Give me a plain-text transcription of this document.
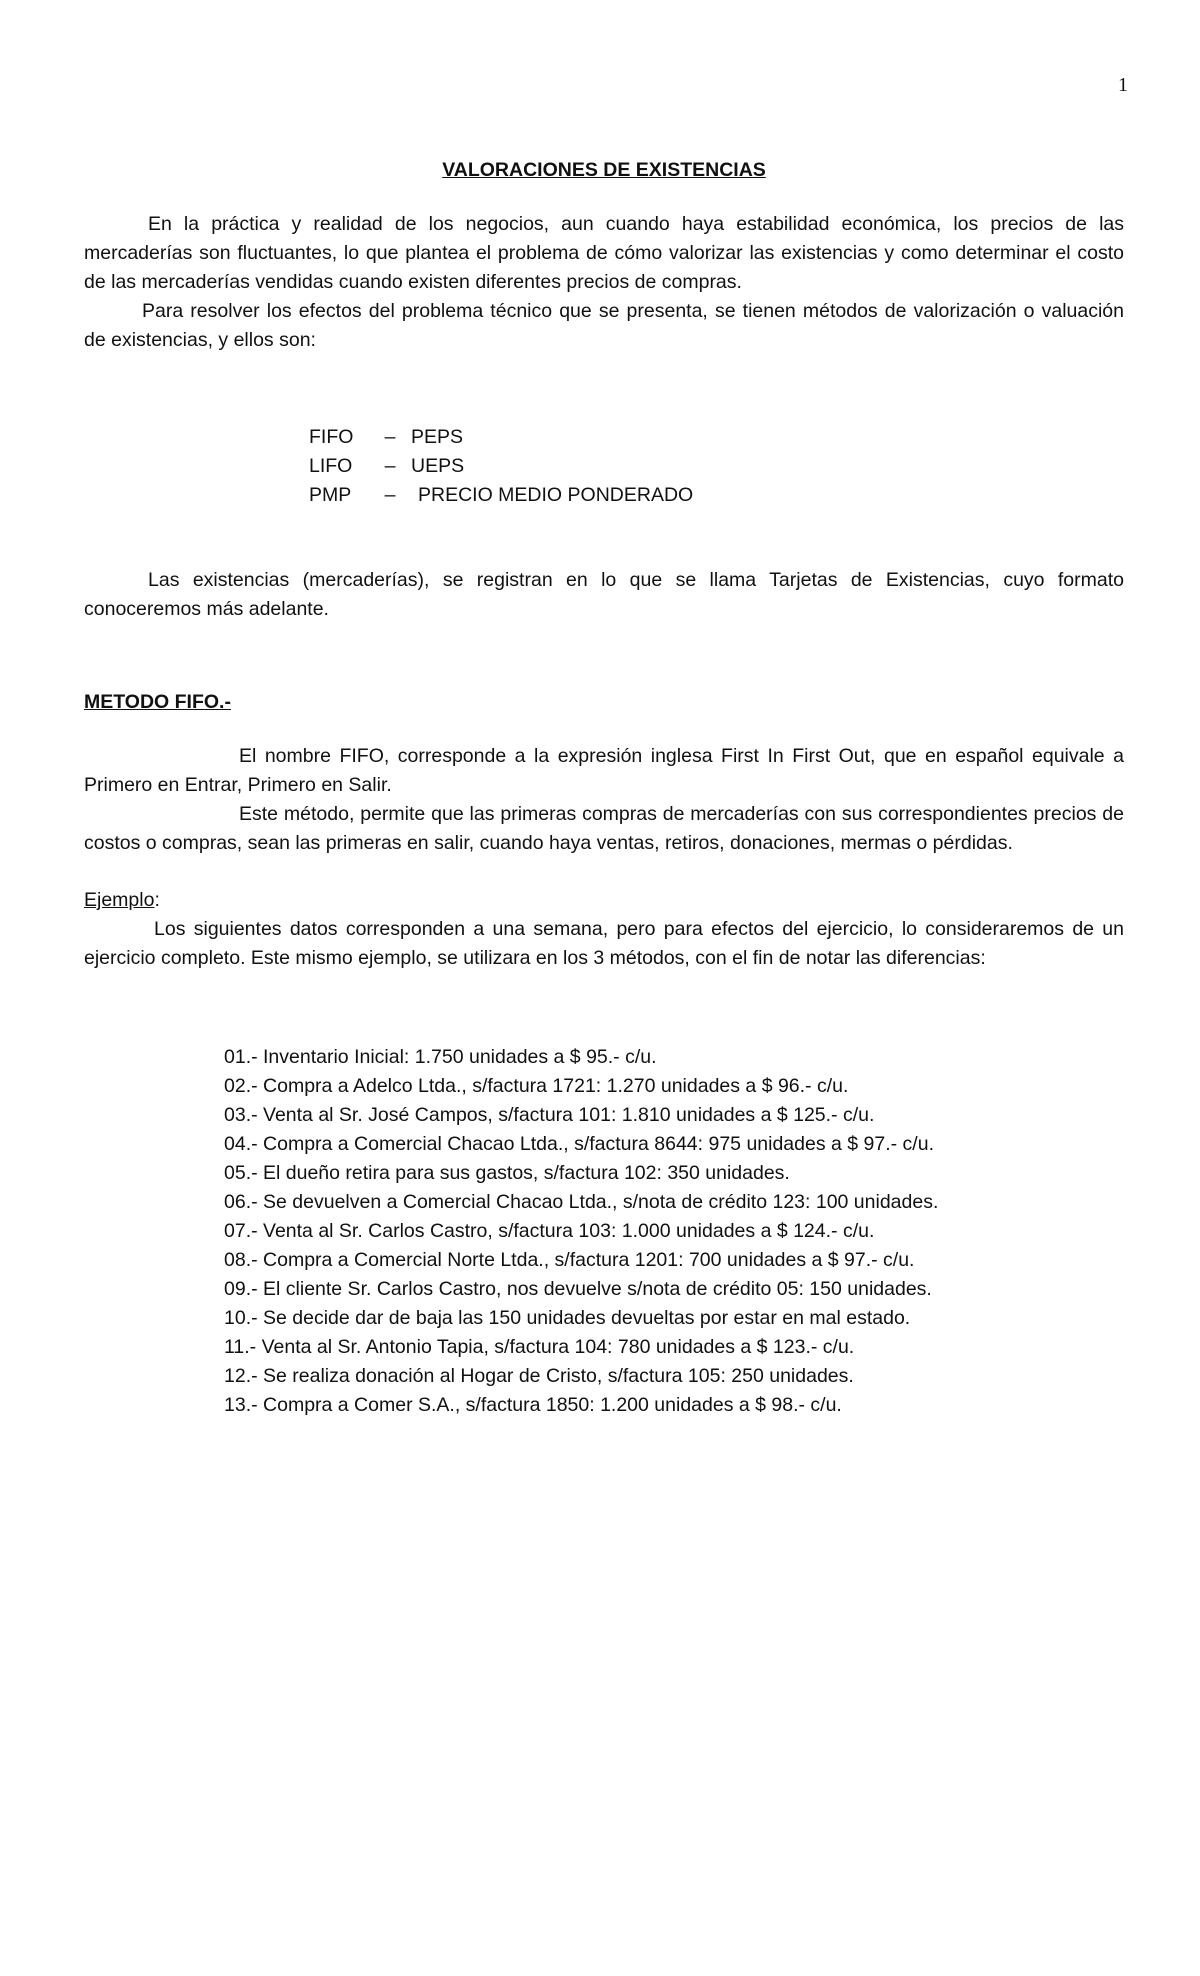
1
VALORACIONES DE EXISTENCIAS

En la práctica y realidad de los negocios, aun cuando haya estabilidad económica, los precios de las mercaderías son fluctuantes, lo que plantea el problema de cómo valorizar las existencias y como determinar el costo de las mercaderías vendidas cuando existen diferentes precios de compras.

Para resolver los efectos del problema técnico que se presenta, se tienen métodos de valorización o valuación de existencias, y ellos son:

FIFO	– PEPS
LIFO	– UEPS
PMP	– PRECIO MEDIO PONDERADO

Las existencias (mercaderías), se registran en lo que se llama Tarjetas de Existencias, cuyo formato conoceremos más adelante.

METODO FIFO.-

El nombre FIFO, corresponde a la expresión inglesa First In First Out, que en español equivale a Primero en Entrar, Primero en Salir.

Este método, permite que las primeras compras de mercaderías con sus correspondientes precios de costos o compras, sean las primeras en salir, cuando haya ventas, retiros, donaciones, mermas o pérdidas.

Ejemplo:

Los siguientes datos corresponden a una semana, pero para efectos del ejercicio, lo consideraremos de un ejercicio completo. Este mismo ejemplo, se utilizara en los 3 métodos, con el fin de notar las diferencias:

01.- Inventario Inicial: 1.750 unidades a $ 95.- c/u.
02.- Compra a Adelco Ltda., s/factura 1721: 1.270 unidades a $ 96.- c/u.
03.- Venta al Sr. José Campos, s/factura 101: 1.810 unidades a $ 125.- c/u.
04.- Compra a Comercial Chacao Ltda., s/factura 8644: 975 unidades a $ 97.- c/u.
05.- El dueño retira para sus gastos, s/factura 102: 350 unidades.
06.- Se devuelven a Comercial Chacao Ltda., s/nota de crédito 123: 100 unidades.
07.- Venta al Sr. Carlos Castro, s/factura 103: 1.000 unidades a $ 124.- c/u.
08.- Compra a Comercial Norte Ltda., s/factura 1201: 700 unidades a $ 97.- c/u.
09.- El cliente Sr. Carlos Castro, nos devuelve s/nota de crédito 05: 150 unidades.
10.- Se decide dar de baja las 150 unidades devueltas por estar en mal estado.
11.- Venta al Sr. Antonio Tapia, s/factura 104: 780 unidades a $ 123.- c/u.
12.- Se realiza donación al Hogar de Cristo, s/factura 105: 250 unidades.
13.- Compra a Comer S.A., s/factura 1850: 1.200 unidades a $ 98.- c/u.
